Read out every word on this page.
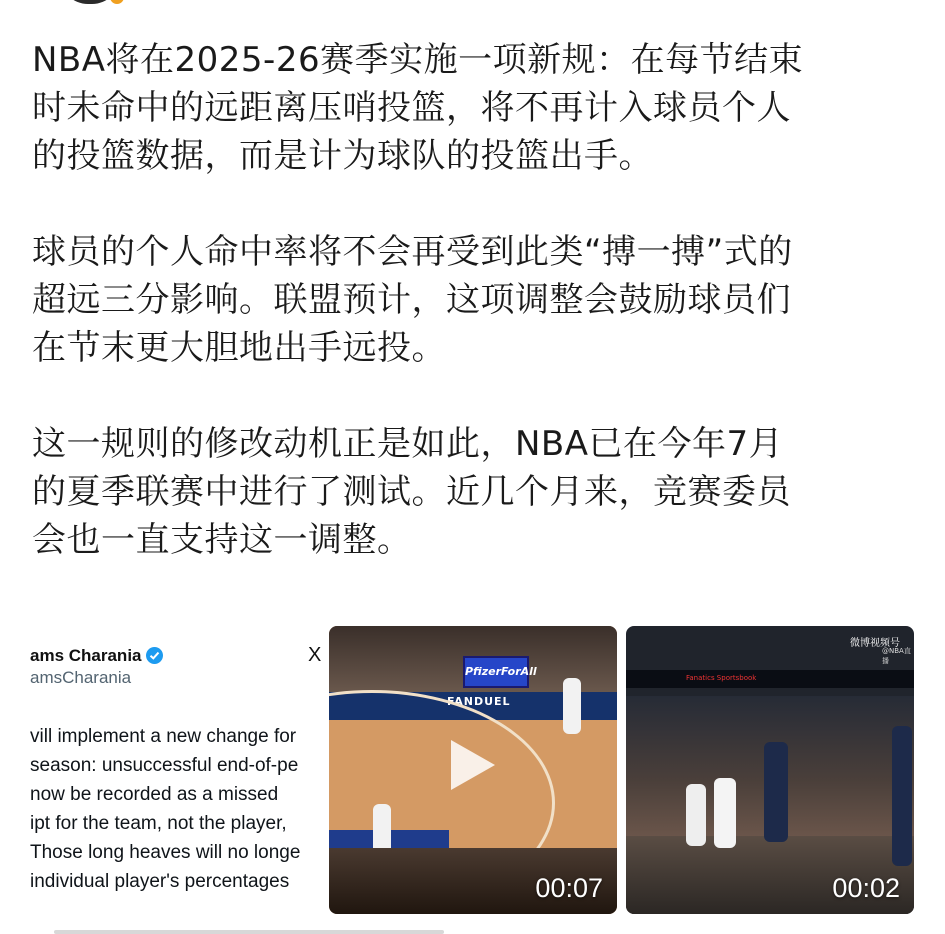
NBA将在2025-26赛季实施一项新规：在每节结束
时未命中的远距离压哨投篮，将不再计入球员个人
的投篮数据，而是计为球队的投篮出手。

球员的个人命中率将不会再受到此类“搏一搏”式的
超远三分影响。联盟预计，这项调整会鼓励球员们
在节末更大胆地出手远投。

这一规则的修改动机正是如此，NBA已在今年7月
的夏季联赛中进行了测试。近几个月来，竞赛委员
会也一直支持这一调整。

ams Charania
amsCharania
X
vill implement a new change for
season: unsuccessful end-of-pe
now be recorded as a missed
ipt for the team, not the player,
Those long heaves will no longe
individual player's percentages
PfizerForAll
FANDUEL
00:07
微博视频号
@NBA直播
Fanatics Sportsbook
00:02
